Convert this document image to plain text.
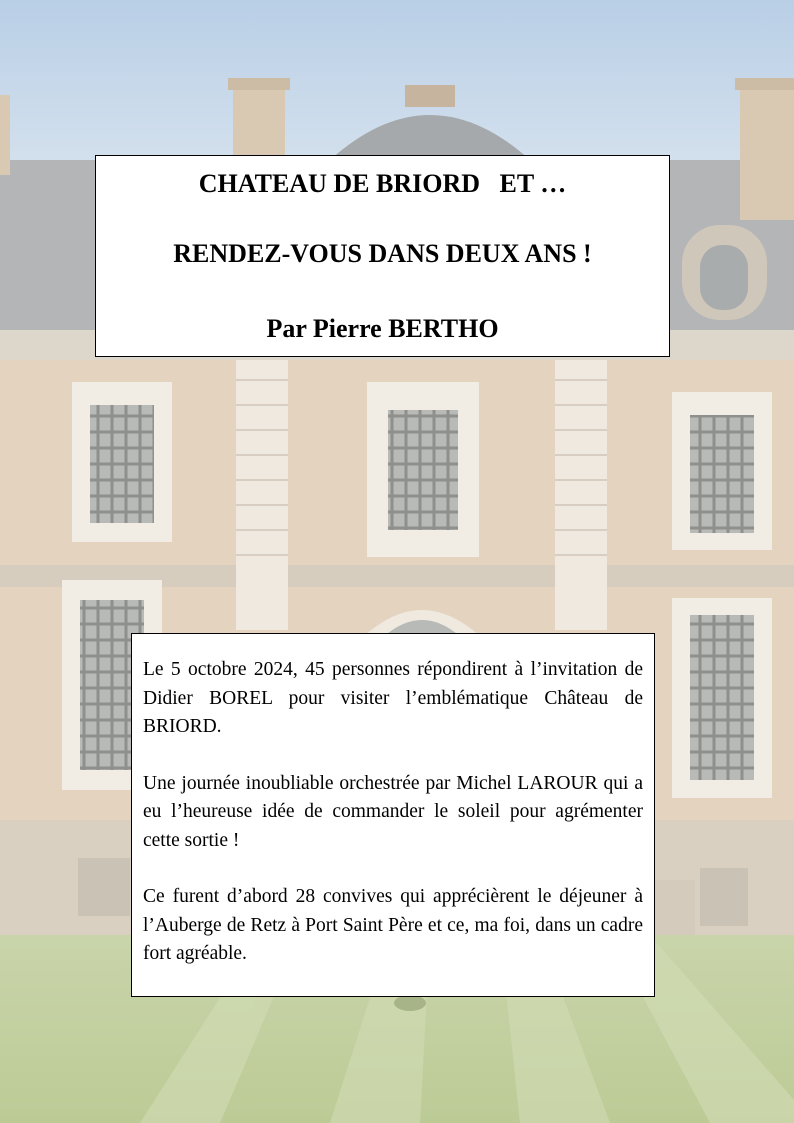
CHATEAU DE BRIORD   ET …
RENDEZ-VOUS DANS DEUX ANS !
Par Pierre BERTHO

Le 5 octobre 2024, 45 personnes répondirent à l’invitation de Didier BOREL pour visiter l’emblématique Château de BRIORD.

Une journée inoubliable orchestrée par Michel LAROUR qui a eu l’heureuse idée de commander le soleil pour agrémenter cette sortie !

Ce furent d’abord 28 convives qui apprécièrent le déjeuner à l’Auberge de Retz à Port Saint Père et ce, ma foi, dans un cadre fort agréable.
